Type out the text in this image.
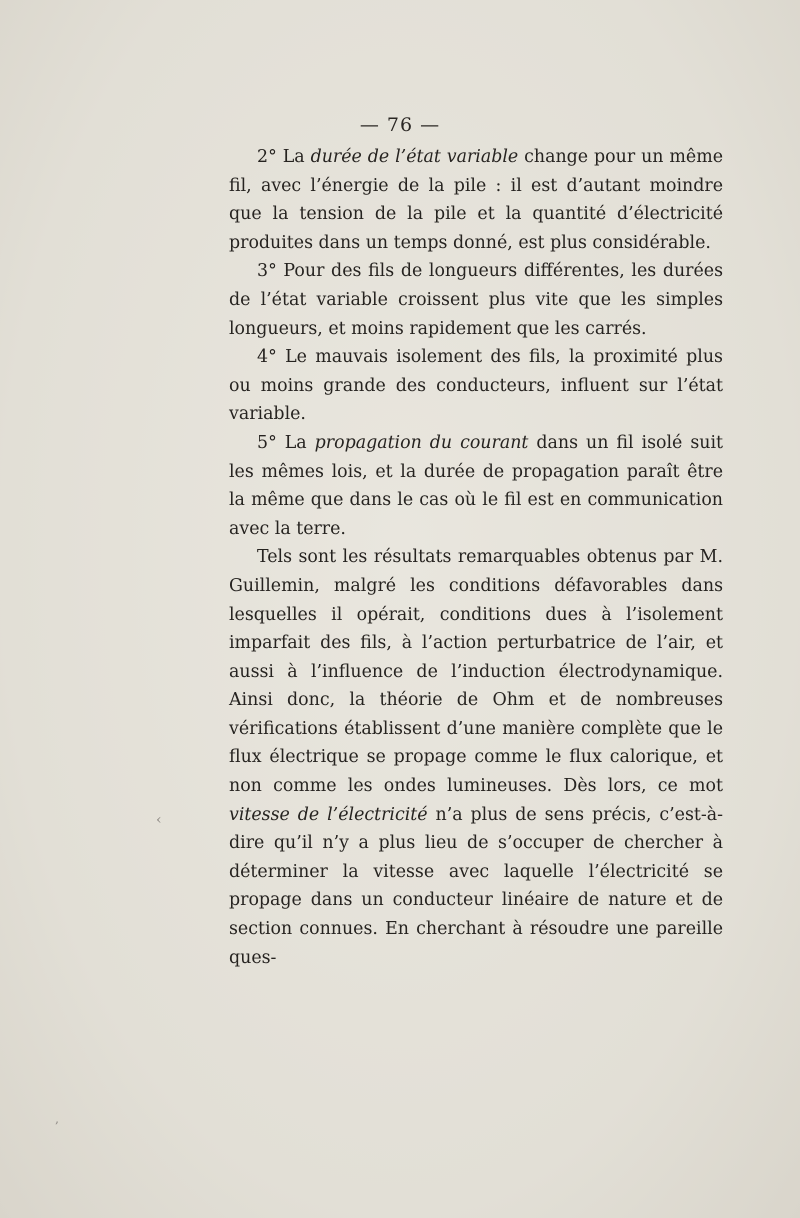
— 76 —

2° La durée de l’état variable change pour un même fil, avec l’énergie de la pile : il est d’autant moindre que la tension de la pile et la quantité d’électricité produites dans un temps donné, est plus considérable.

3° Pour des fils de longueurs différentes, les durées de l’état variable croissent plus vite que les simples longueurs, et moins rapidement que les carrés.

4° Le mauvais isolement des fils, la proximité plus ou moins grande des conducteurs, influent sur l’état variable.

5° La propagation du courant dans un fil isolé suit les mêmes lois, et la durée de propagation paraît être la même que dans le cas où le fil est en communication avec la terre.

Tels sont les résultats remarquables obtenus par M. Guillemin, malgré les conditions défavorables dans lesquelles il opérait, conditions dues à l’isolement imparfait des fils, à l’action perturbatrice de l’air, et aussi à l’influence de l’induction électrodynamique. Ainsi donc, la théorie de Ohm et de nombreuses vérifications établissent d’une manière complète que le flux électrique se propage comme le flux calorique, et non comme les ondes lumineuses. Dès lors, ce mot vitesse de l’électricité n’a plus de sens précis, c’est-à-dire qu’il n’y a plus lieu de s’occuper de chercher à déterminer la vitesse avec laquelle l’électricité se propage dans un conducteur linéaire de nature et de section connues. En cherchant à résoudre une pareille ques-

‹
‚
